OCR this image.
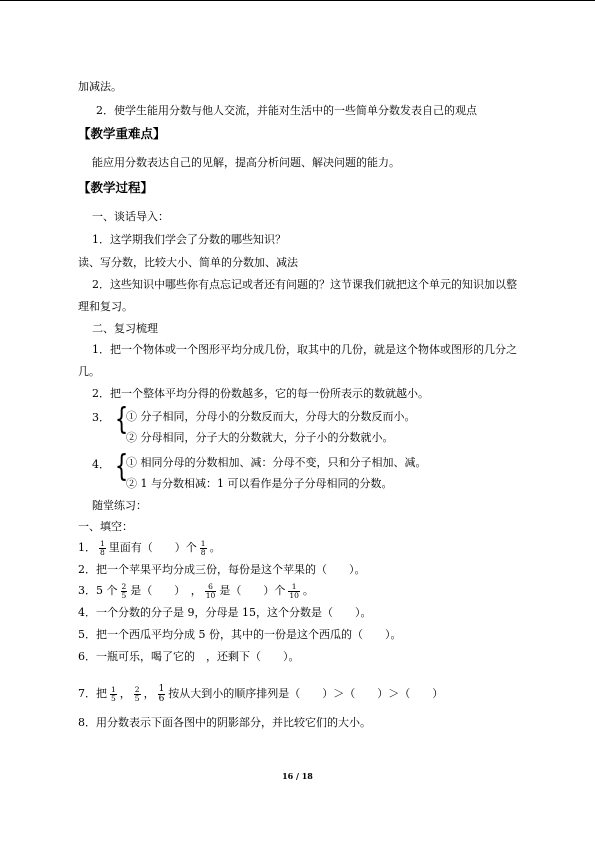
加减法。
2．使学生能用分数与他人交流，并能对生活中的一些简单分数发表自己的观点
【教学重难点】
能应用分数表达自己的见解，提高分析问题、解决问题的能力。
【教学过程】
一、谈话导入：
1．这学期我们学会了分数的哪些知识？
读、写分数，比较大小、简单的分数加、减法
2．这些知识中哪些你有点忘记或者还有问题的？这节课我们就把这个单元的知识加以整
理和复习。
二、复习梳理
1．把一个物体或一个图形平均分成几份，取其中的几份，就是这个物体或图形的几分之
几。
2．把一个整体平均分得的份数越多，它的每一份所表示的数就越小。
3． {
① 分子相同，分母小的分数反而大，分母大的分数反而小。
② 分母相同，分子大的分数就大，分子小的分数就小。
4． {
① 相同分母的分数相加、减：分母不变，只和分子相加、减。
② 1 与分数相减：1 可以看作是分子分母相同的分数。
随堂练习：
一、填空：
1． $\frac{1}{8}$ 里面有（　　）个 $\frac{1}{8}$ 。
2．把一个苹果平均分成三份，每份是这个苹果的（　　）。
3．5 个 $\frac{2}{5}$ 是（　　）　， $\frac{6}{10}$ 是（　　）个 $\frac{1}{10}$ 。
4．一个分数的分子是 9，分母是 15，这个分数是（　　）。
5．把一个西瓜平均分成 5 份，其中的一份是这个西瓜的（　　）。
6．一瓶可乐，喝了它的　，还剩下（　　）。
7．把 $\frac{1}{5}$ ， $\frac{2}{5}$ ， $\frac{1}{6}$ 按从大到小的顺序排列是（　　）＞（　　）＞（　　）
8．用分数表示下面各图中的阴影部分，并比较它们的大小。
16 / 18
